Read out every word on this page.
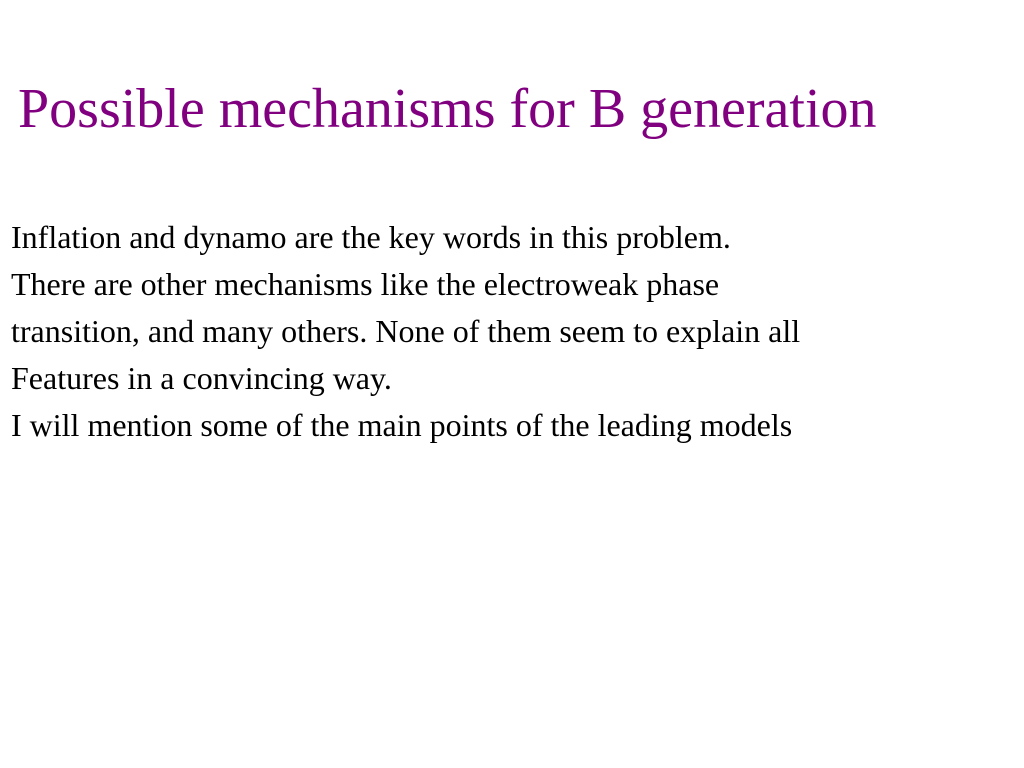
Possible mechanisms for B generation
Inflation and dynamo are the key words in this problem.
There are other mechanisms like the electroweak phase
transition, and many others. None of them seem to explain all
Features in a convincing way.
I will mention some of the main points of the leading models
